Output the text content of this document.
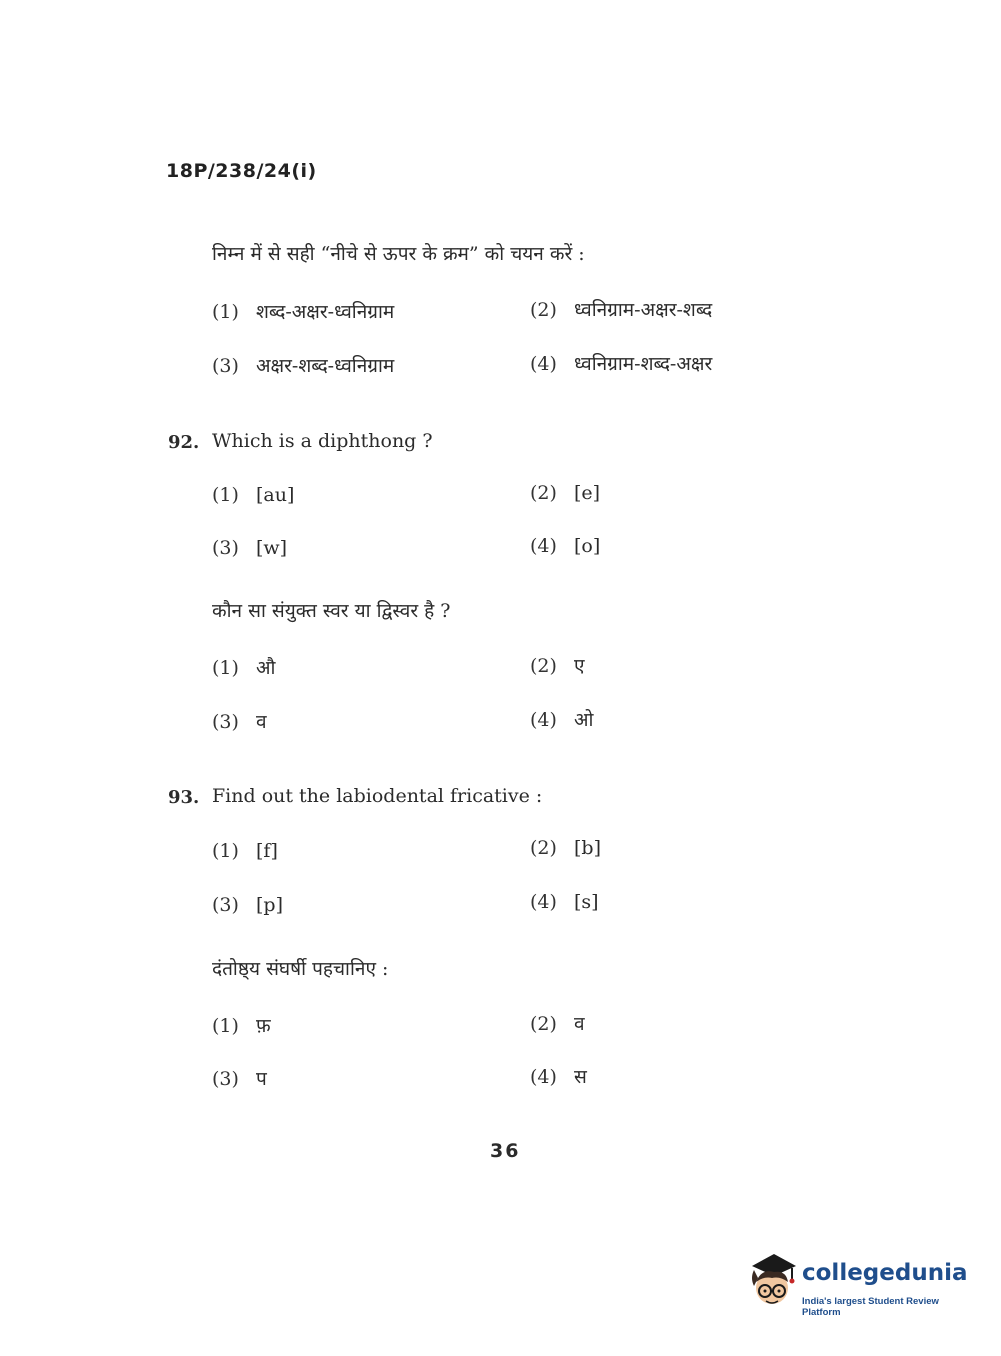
18P/238/24(i)
निम्न में से सही “नीचे से ऊपर के क्रम” को चयन करें :
(1) शब्द-अक्षर-ध्वनिग्राम	(2) ध्वनिग्राम-अक्षर-शब्द
(3) अक्षर-शब्द-ध्वनिग्राम	(4) ध्वनिग्राम-शब्द-अक्षर
92. Which is a diphthong ?
(1) [au]	(2) [e]
(3) [w]	(4) [o]
कौन सा संयुक्त स्वर या द्विस्वर है ?
(1) औ	(2) ए
(3) व	(4) ओ
93. Find out the labiodental fricative :
(1) [f]	(2) [b]
(3) [p]	(4) [s]
दंतोष्ठ्य संघर्षी पहचानिए :
(1) फ़	(2) व
(3) प	(4) स
36
collegedunia
India's largest Student Review Platform
